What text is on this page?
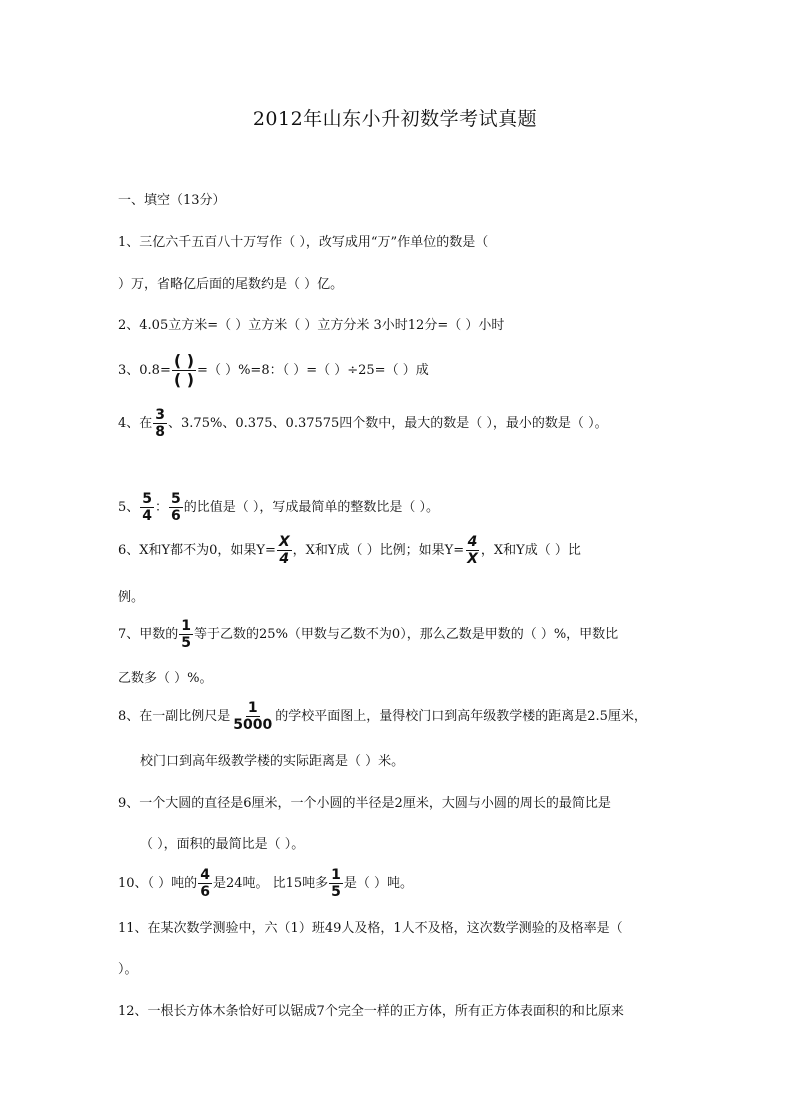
2012年山东小升初数学考试真题
一、填空（13分）
1、三亿六千五百八十万写作（ ），改写成用“万”作单位的数是（
）万，省略亿后面的尾数约是（ ）亿。
2、4.05立方米=（ ）立方米（ ）立方分米 3小时12分=（ ）小时
3、$0.8= \frac{( )}{( )}$ =（ ）%=8：（ ）=（ ）÷25=（ ）成
4、在 $\frac{3}{8}$ 、3.75%、0.375、0.37575四个数中，最大的数是（ ），最小的数是（ ）。
5、 $\frac{5}{4}$ ： $\frac{5}{6}$ 的比值是（ ），写成最简单的整数比是（ ）。
6、X和Y都不为0，如果$Y= \frac{X}{4}$ ，X和Y成（ ）比例；如果$Y= \frac{4}{X}$ ，X和Y成（ ）比
例。
7、甲数的 $\frac{1}{5}$ 等于乙数的25%（甲数与乙数不为0），那么乙数是甲数的（ ）%，甲数比
乙数多（ ）%。
8、在一副比例尺是 $\frac{1}{5000}$ 的学校平面图上，量得校门口到高年级教学楼的距离是2.5厘米，
校门口到高年级教学楼的实际距离是（ ）米。
9、一个大圆的直径是6厘米，一个小圆的半径是2厘米，大圆与小圆的周长的最简比是
（ ），面积的最简比是（ ）。
10、（ ）吨的 $\frac{4}{6}$ 是24吨。 比15吨多 $\frac{1}{5}$ 是（ ）吨。
11、在某次数学测验中，六（1）班49人及格，1人不及格，这次数学测验的及格率是（
）。
12、一根长方体木条恰好可以锯成7个完全一样的正方体，所有正方体表面积的和比原来
